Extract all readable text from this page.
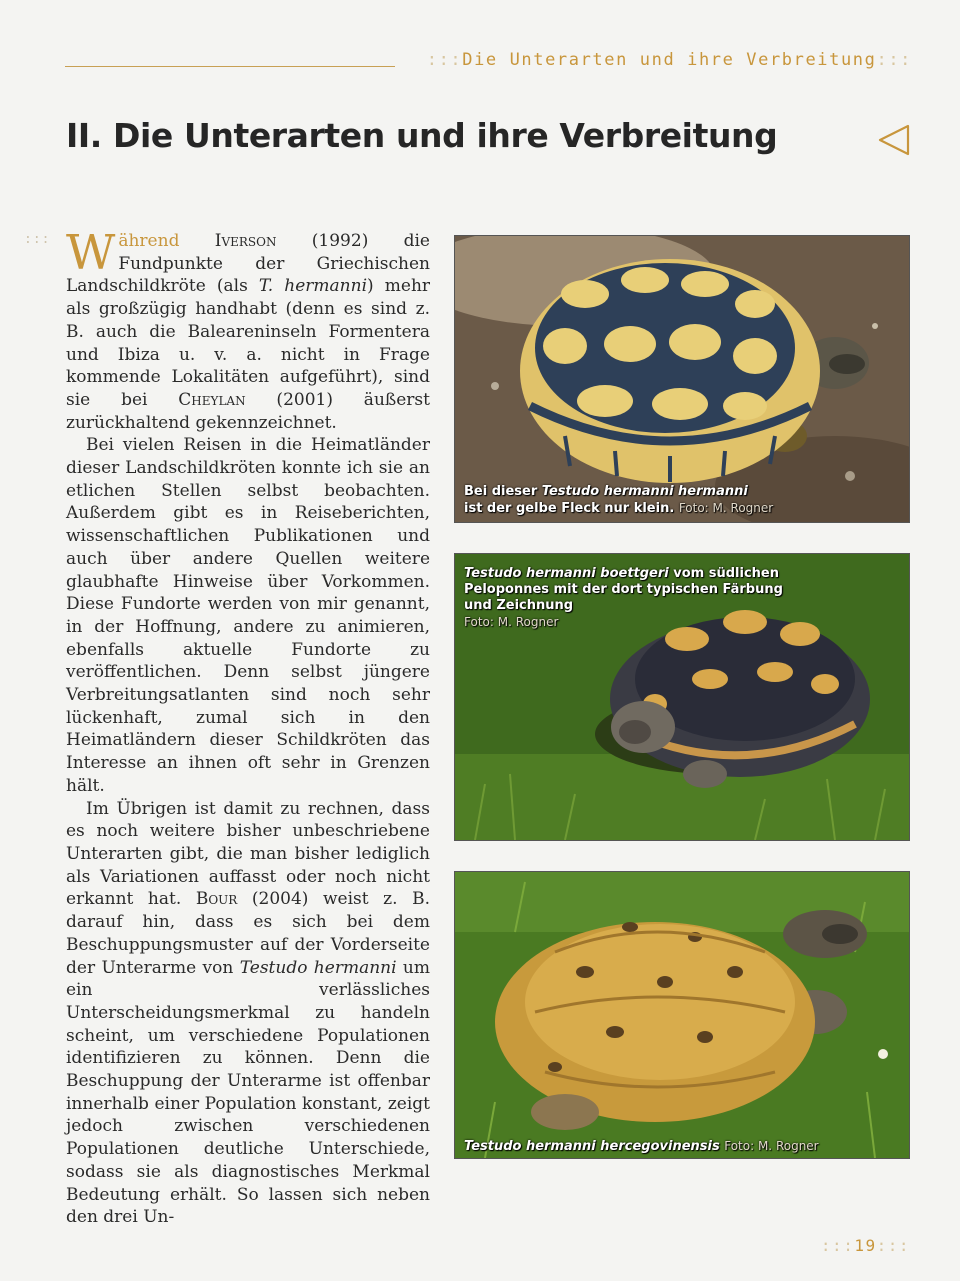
:::Die Unterarten und ihre Verbreitung:::
II. Die Unterarten und ihre Verbreitung
::: Während Iverson (1992) die Fundpunkte der Griechischen Landschildkröte (als T. hermanni) mehr als großzügig handhabt (denn es sind z. B. auch die Baleareninseln Formentera und Ibiza u. v. a. nicht in Frage kommende Lokalitäten aufgeführt), sind sie bei Cheylan (2001) äußerst zurückhaltend gekennzeichnet.

Bei vielen Reisen in die Heimatländer dieser Landschildkröten konnte ich sie an etlichen Stellen selbst beobachten. Außerdem gibt es in Reiseberichten, wissenschaftlichen Publikationen und auch über andere Quellen weitere glaubhafte Hinweise über Vorkommen. Diese Fundorte werden von mir genannt, in der Hoffnung, andere zu animieren, ebenfalls aktuelle Fundorte zu veröffentlichen. Denn selbst jüngere Verbreitungsatlanten sind noch sehr lückenhaft, zumal sich in den Heimatländern dieser Schildkröten das Interesse an ihnen oft sehr in Grenzen hält.

Im Übrigen ist damit zu rechnen, dass es noch weitere bisher unbeschriebene Unterarten gibt, die man bisher lediglich als Variationen auffasst oder noch nicht erkannt hat. Bour (2004) weist z. B. darauf hin, dass es sich bei dem Beschuppungsmuster auf der Vorderseite der Unterarme von Testudo hermanni um ein verlässliches Unterscheidungsmerkmal zu handeln scheint, um verschiedene Populationen identifizieren zu können. Denn die Beschuppung der Unterarme ist offenbar innerhalb einer Population konstant, zeigt jedoch zwischen verschiedenen Populationen deutliche Unterschiede, sodass sie als diagnostisches Merkmal Bedeutung erhält. So lassen sich neben den drei Un-

Bei dieser Testudo hermanni hermanni
ist der gelbe Fleck nur klein. Foto: M. Rogner
Testudo hermanni boettgeri vom südlichen Peloponnes mit der dort typischen Färbung und Zeichnung
Foto: M. Rogner
Testudo hermanni hercegovinensis Foto: M. Rogner
:::19:::
